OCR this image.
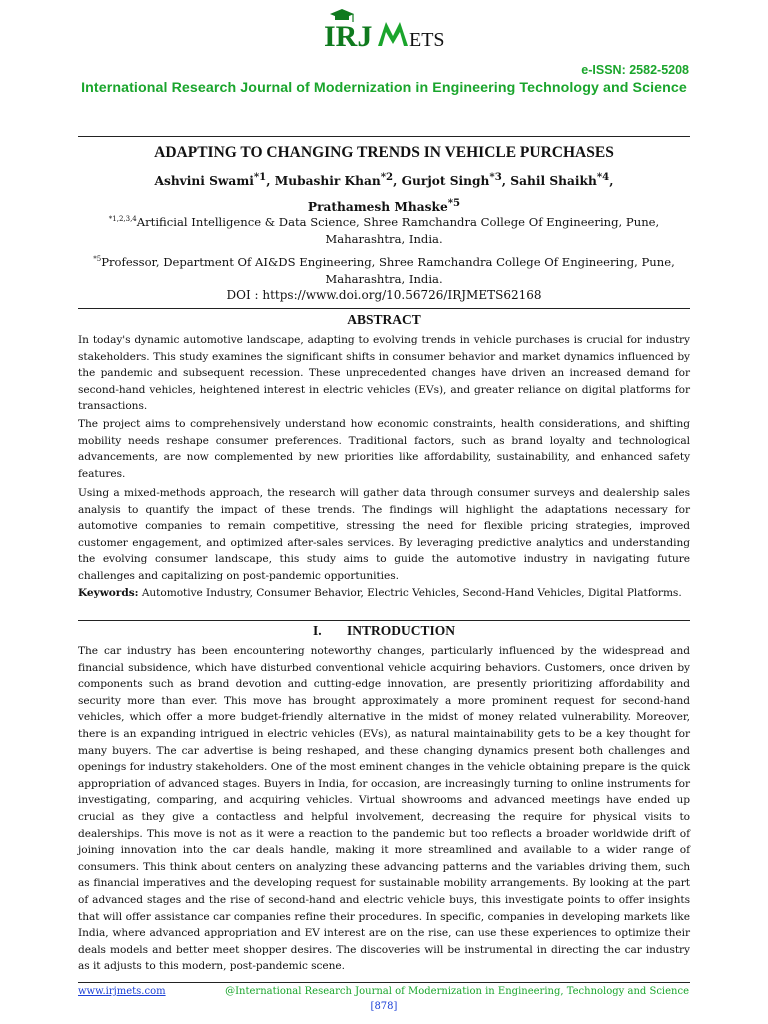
IRJ ETS
e-ISSN: 2582-5208
International Research Journal of Modernization in Engineering Technology and Science
ADAPTING TO CHANGING TRENDS IN VEHICLE PURCHASES
Ashvini Swami$^{*1}$, Mubashir Khan$^{*2}$, Gurjot Singh$^{*3}$, Sahil Shaikh$^{*4}$,
Prathamesh Mhaske$^{*5}$
$^{*1,2,3,4}$Artificial Intelligence & Data Science, Shree Ramchandra College Of Engineering, Pune, Maharashtra, India.
$^{*5}$Professor, Department Of AI&DS Engineering, Shree Ramchandra College Of Engineering, Pune, Maharashtra, India.
DOI : https://www.doi.org/10.56726/IRJMETS62168
ABSTRACT
In today's dynamic automotive landscape, adapting to evolving trends in vehicle purchases is crucial for industry stakeholders. This study examines the significant shifts in consumer behavior and market dynamics influenced by the pandemic and subsequent recession. These unprecedented changes have driven an increased demand for second-hand vehicles, heightened interest in electric vehicles (EVs), and greater reliance on digital platforms for transactions.
The project aims to comprehensively understand how economic constraints, health considerations, and shifting mobility needs reshape consumer preferences. Traditional factors, such as brand loyalty and technological advancements, are now complemented by new priorities like affordability, sustainability, and enhanced safety features.
Using a mixed-methods approach, the research will gather data through consumer surveys and dealership sales analysis to quantify the impact of these trends. The findings will highlight the adaptations necessary for automotive companies to remain competitive, stressing the need for flexible pricing strategies, improved customer engagement, and optimized after-sales services. By leveraging predictive analytics and understanding the evolving consumer landscape, this study aims to guide the automotive industry in navigating future challenges and capitalizing on post-pandemic opportunities.
Keywords: Automotive Industry, Consumer Behavior, Electric Vehicles, Second-Hand Vehicles, Digital Platforms.
I. INTRODUCTION
The car industry has been encountering noteworthy changes, particularly influenced by the widespread and financial subsidence, which have disturbed conventional vehicle acquiring behaviors. Customers, once driven by components such as brand devotion and cutting-edge innovation, are presently prioritizing affordability and security more than ever. This move has brought approximately a more prominent request for second-hand vehicles, which offer a more budget-friendly alternative in the midst of money related vulnerability. Moreover, there is an expanding intrigued in electric vehicles (EVs), as natural maintainability gets to be a key thought for many buyers. The car advertise is being reshaped, and these changing dynamics present both challenges and openings for industry stakeholders. One of the most eminent changes in the vehicle obtaining prepare is the quick appropriation of advanced stages. Buyers in India, for occasion, are increasingly turning to online instruments for investigating, comparing, and acquiring vehicles. Virtual showrooms and advanced meetings have ended up crucial as they give a contactless and helpful involvement, decreasing the require for physical visits to dealerships. This move is not as it were a reaction to the pandemic but too reflects a broader worldwide drift of joining innovation into the car deals handle, making it more streamlined and available to a wider range of consumers. This think about centers on analyzing these advancing patterns and the variables driving them, such as financial imperatives and the developing request for sustainable mobility arrangements. By looking at the part of advanced stages and the rise of second-hand and electric vehicle buys, this investigate points to offer insights that will offer assistance car companies refine their procedures. In specific, companies in developing markets like India, where advanced appropriation and EV interest are on the rise, can use these experiences to optimize their deals models and better meet shopper desires. The discoveries will be instrumental in directing the car industry as it adjusts to this modern, post-pandemic scene.
www.irjmets.com	@International Research Journal of Modernization in Engineering, Technology and Science
[878]
